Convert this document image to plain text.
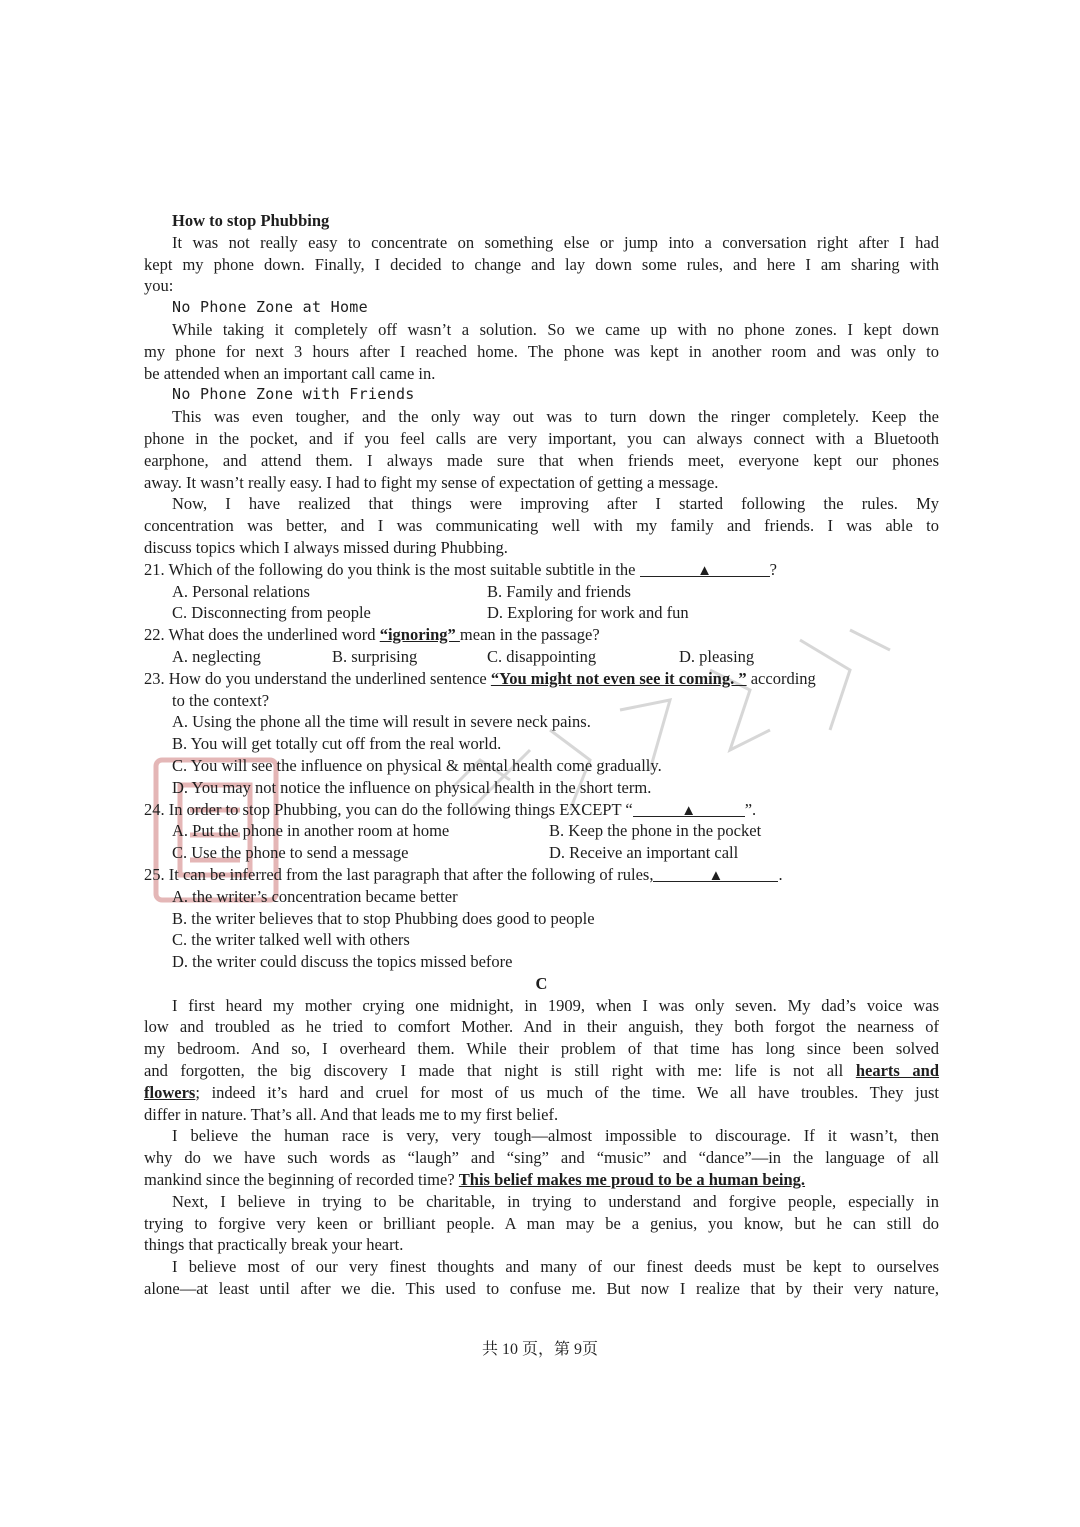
How to stop Phubbing
It was not really easy to concentrate on something else or jump into a conversation right after I had
kept my phone down. Finally, I decided to change and lay down some rules, and here I am sharing with
you:
No Phone Zone at Home
While taking it completely off wasn’t a solution. So we came up with no phone zones. I kept down
my phone for next 3 hours after I reached home. The phone was kept in another room and was only to
be attended when an important call came in.
No Phone Zone with Friends
This was even tougher, and the only way out was to turn down the ringer completely. Keep the
phone in the pocket, and if you feel calls are very important, you can always connect with a Bluetooth
earphone, and attend them. I always made sure that when friends meet, everyone kept our phones
away. It wasn’t really easy. I had to fight my sense of expectation of getting a message.
Now, I have realized that things were improving after I started following the rules. My
concentration was better, and I was communicating well with my family and friends. I was able to
discuss topics which I always missed during Phubbing.
21. Which of the following do you think is the most suitable subtitle in the	▲	?
A. Personal relations	B. Family and friends
C. Disconnecting from people	D. Exploring for work and fun
22. What does the underlined word “ignoring” mean in the passage?
A. neglecting	B. surprising	C. disappointing	D. pleasing
23. How do you understand the underlined sentence “You might not even see it coming. ” according
to the context?
A. Using the phone all the time will result in severe neck pains.
B. You will get totally cut off from the real world.
C. You will see the influence on physical & mental health come gradually.
D. You may not notice the influence on physical health in the short term.
24. In order to stop Phubbing, you can do the following things EXCEPT “	▲	”.
A. Put the phone in another room at home	B. Keep the phone in the pocket
C. Use the phone to send a message	D. Receive an important call
25. It can be inferred from the last paragraph that after the following of rules,	▲	.
A. the writer’s concentration became better
B. the writer believes that to stop Phubbing does good to people
C. the writer talked well with others
D. the writer could discuss the topics missed before
C
I first heard my mother crying one midnight, in 1909, when I was only seven. My dad’s voice was
low and troubled as he tried to comfort Mother. And in their anguish, they both forgot the nearness of
my bedroom. And so, I overheard them. While their problem of that time has long since been solved
and forgotten, the big discovery I made that night is still right with me: life is not all hearts and
flowers; indeed it’s hard and cruel for most of us much of the time. We all have troubles. They just
differ in nature. That’s all. And that leads me to my first belief.
I believe the human race is very, very tough—almost impossible to discourage. If it wasn’t, then
why do we have such words as “laugh” and “sing” and “music” and “dance”—in the language of all
mankind since the beginning of recorded time? This belief makes me proud to be a human being.
Next, I believe in trying to be charitable, in trying to understand and forgive people, especially in
trying to forgive very keen or brilliant people. A man may be a genius, you know, but he can still do
things that practically break your heart.
I believe most of our very finest thoughts and many of our finest deeds must be kept to ourselves
alone—at least until after we die. This used to confuse me. But now I realize that by their very nature,
共 10 页，第 9页
